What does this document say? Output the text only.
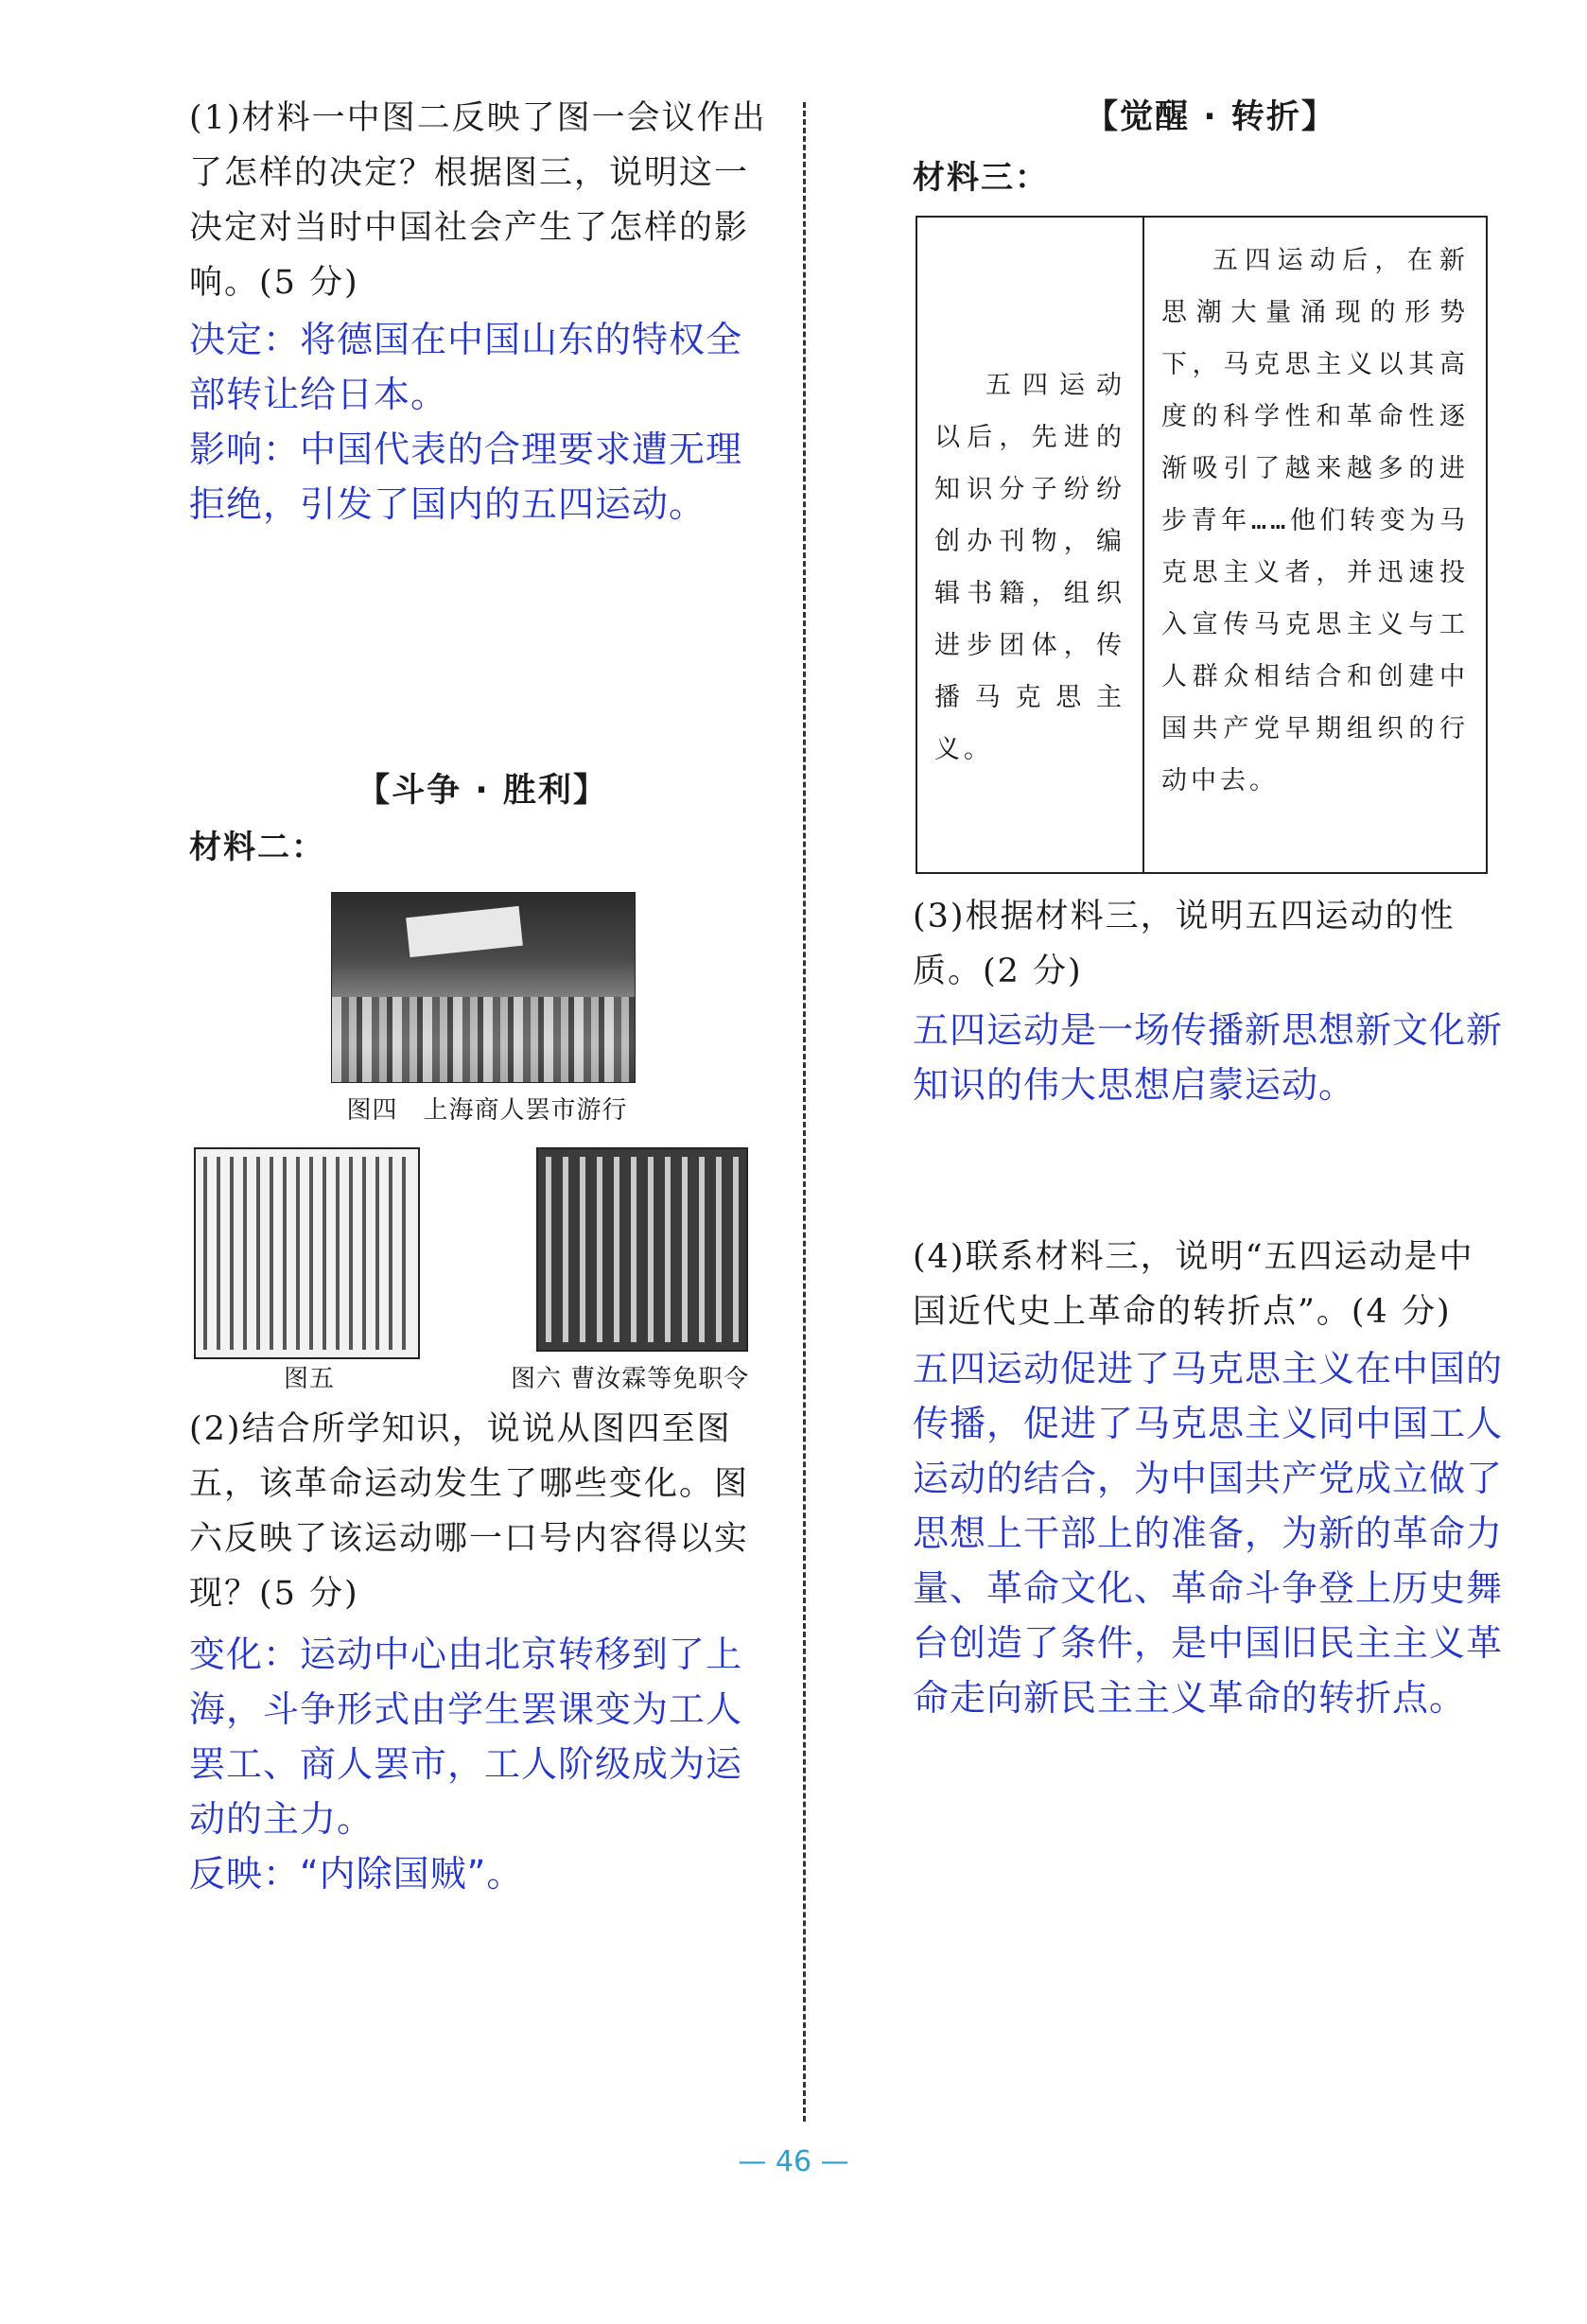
(1)材料一中图二反映了图一会议作出了怎样的决定？根据图三，说明这一决定对当时中国社会产生了怎样的影响。(5 分)

决定：将德国在中国山东的特权全部转让给日本。

影响：中国代表的合理要求遭无理拒绝，引发了国内的五四运动。

【斗争 · 胜利】

材料二：

图四　上海商人罢市游行
图五	图六 曹汝霖等免职令

(2)结合所学知识，说说从图四至图五，该革命运动发生了哪些变化。图六反映了该运动哪一口号内容得以实现？(5 分)

变化：运动中心由北京转移到了上海，斗争形式由学生罢课变为工人罢工、商人罢市，工人阶级成为运动的主力。

反映：“内除国贼”。

【觉醒 · 转折】

材料三：

五四运动以后，先进的知识分子纷纷创办刊物，编辑书籍，组织进步团体，传播马克思主义。

五四运动后，在新思潮大量涌现的形势下，马克思主义以其高度的科学性和革命性逐渐吸引了越来越多的进步青年……他们转变为马克思主义者，并迅速投入宣传马克思主义与工人群众相结合和创建中国共产党早期组织的行动中去。

(3)根据材料三，说明五四运动的性质。(2 分)

五四运动是一场传播新思想新文化新知识的伟大思想启蒙运动。

(4)联系材料三，说明“五四运动是中国近代史上革命的转折点”。(4 分)

五四运动促进了马克思主义在中国的传播，促进了马克思主义同中国工人运动的结合，为中国共产党成立做了思想上干部上的准备，为新的革命力量、革命文化、革命斗争登上历史舞台创造了条件，是中国旧民主主义革命走向新民主主义革命的转折点。

— 46 —
